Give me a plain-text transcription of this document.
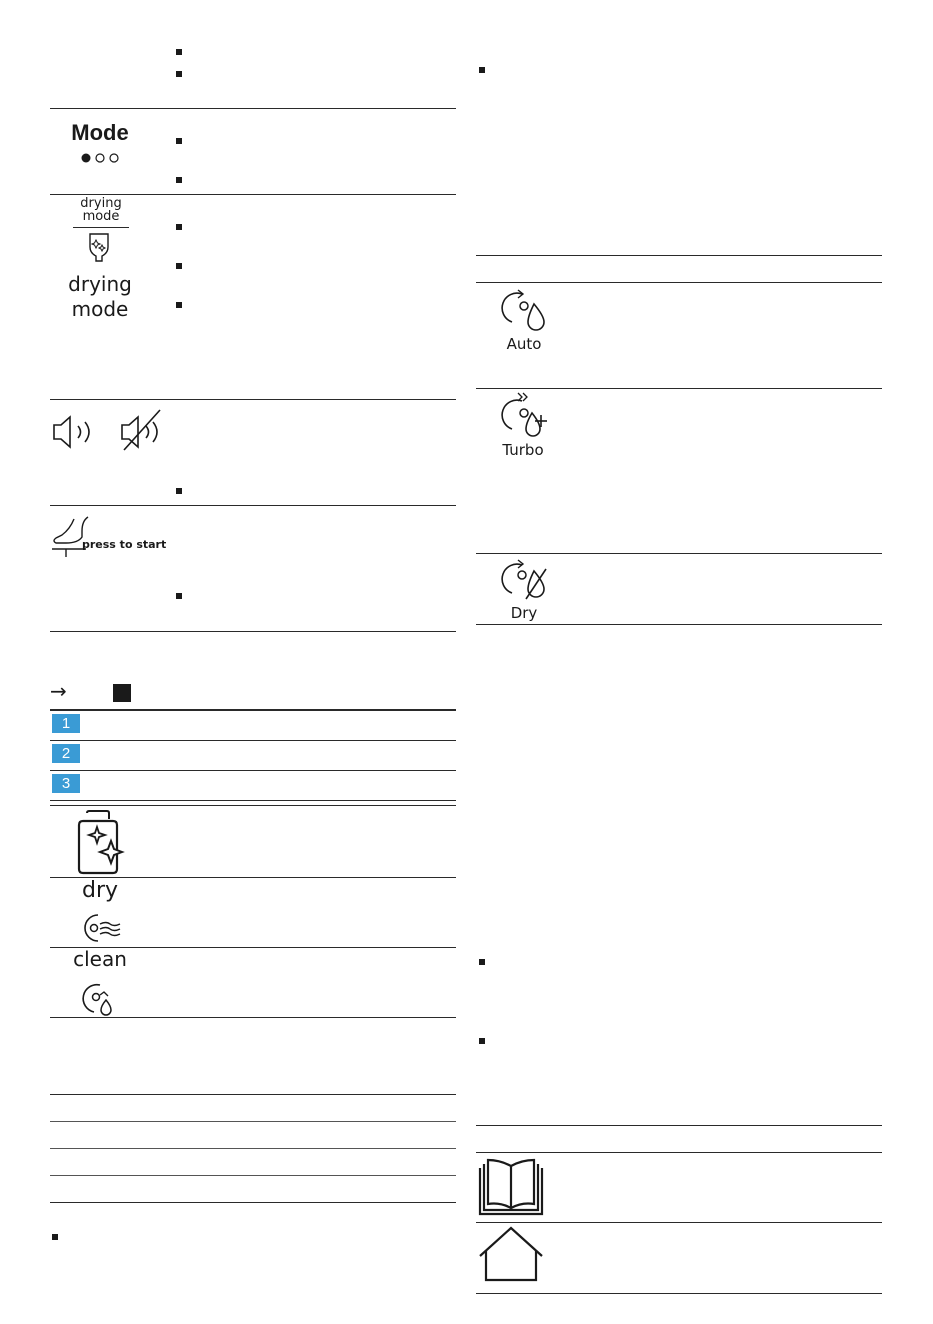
Mode
drying
mode
drying
mode
press to start
→
1
2
3
dry
clean
Auto
Turbo
Dry
